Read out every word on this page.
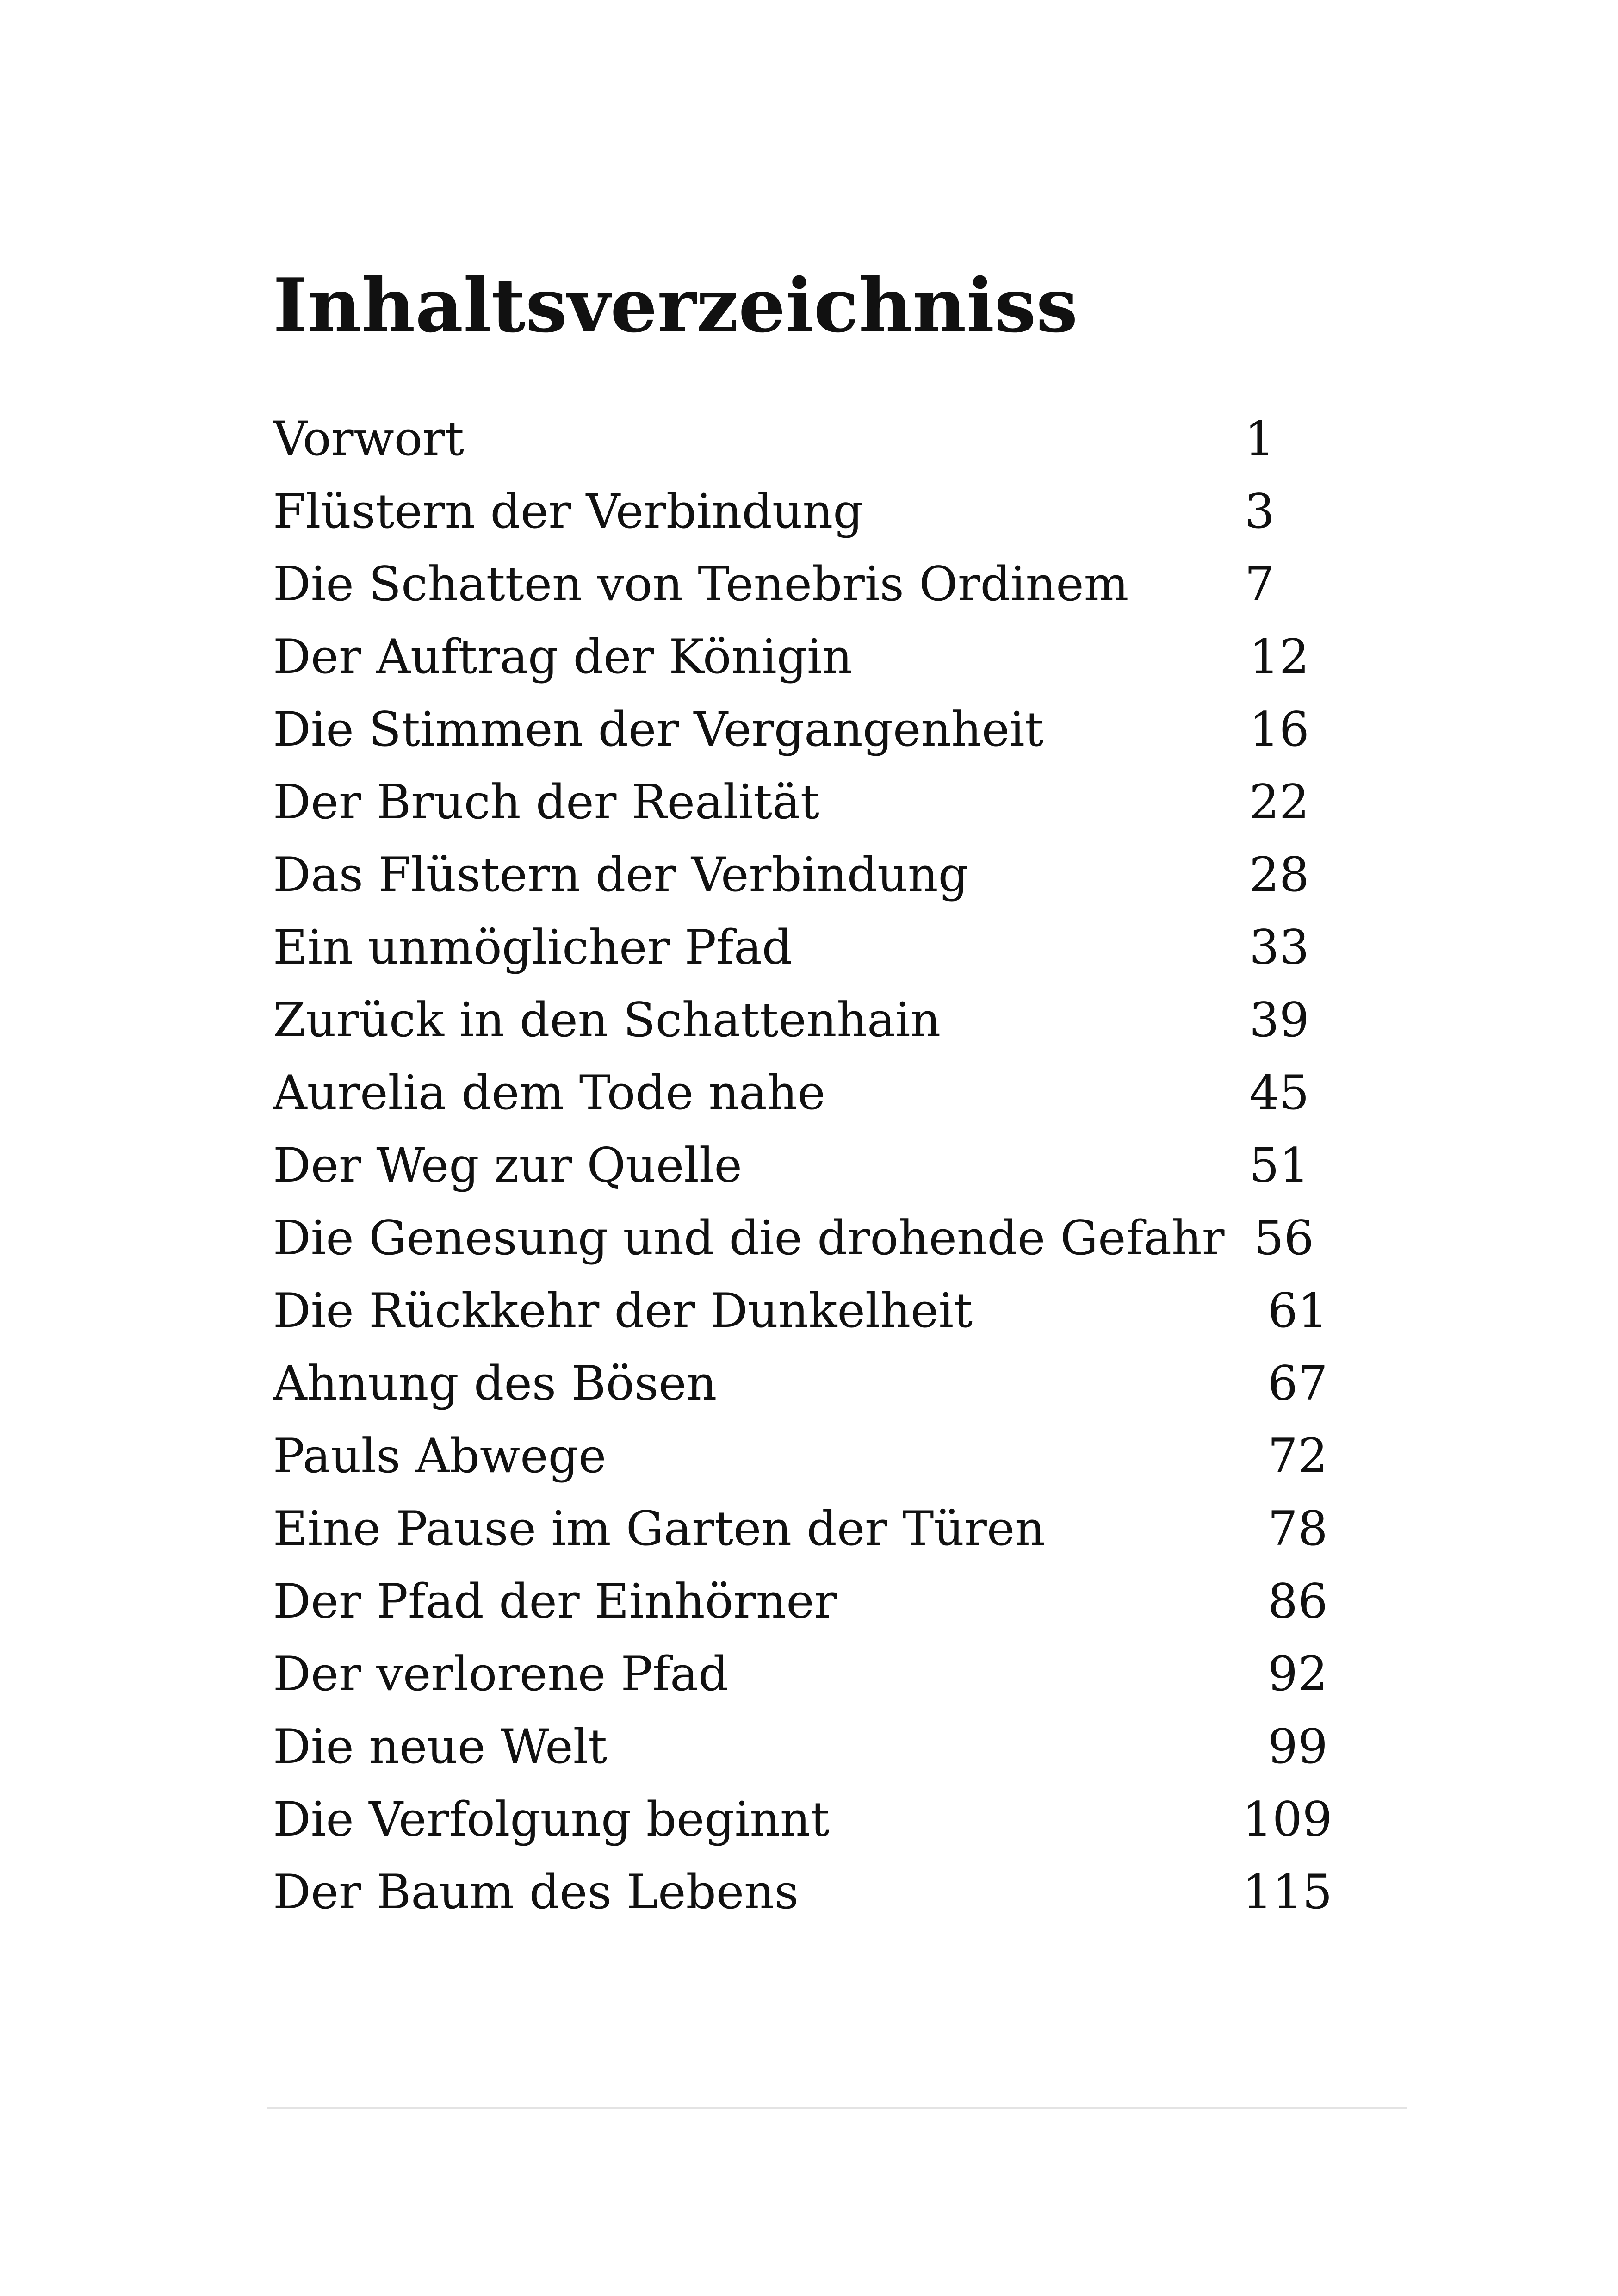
Inhaltsverzeichniss
Vorwort	1
Flüstern der Verbindung	3
Die Schatten von Tenebris Ordinem 7
Der Auftrag der Königin	12
Die Stimmen der Vergangenheit	16
Der Bruch der Realität	22
Das Flüstern der Verbindung	28
Ein unmöglicher Pfad	33
Zurück in den Schattenhain	39
Aurelia dem Tode nahe	45
Der Weg zur Quelle	51
Die Genesung und die drohende Gefahr 56
Die Rückkehr der Dunkelheit	61
Ahnung des Bösen	67
Pauls Abwege	72
Eine Pause im Garten der Türen	78
Der Pfad der Einhörner	86
Der verlorene Pfad	92
Die neue Welt	99
Die Verfolgung beginnt	109
Der Baum des Lebens	115
